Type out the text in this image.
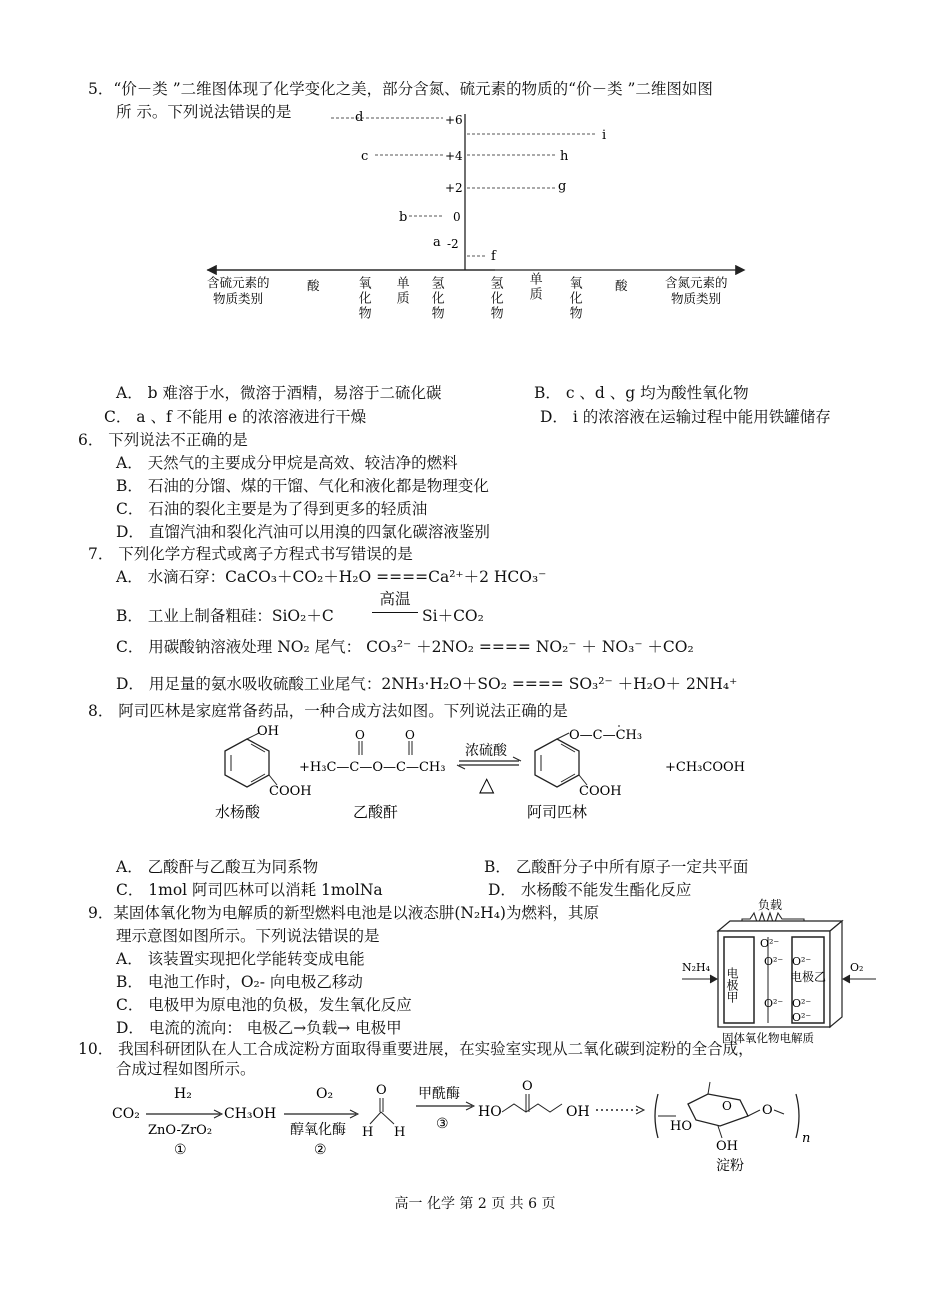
5．“价－类 ”二维图体现了化学变化之美，部分含氮、硫元素的物质的“价－类 ”二维图如图
所 示。下列说法错误的是	+6
+4
+2
0
-2
d
c
b
a
i
h
g
f
含硫元素的
物质类别
含氮元素的
物质类别
酸	酸
氧化物 单质 氢化物	氢化物 单质 氧化物
A． b 难溶于水，微溶于酒精，易溶于二硫化碳	B． c 、d 、g 均为酸性氧化物
C． a 、f 不能用 e 的浓溶液进行干燥	D． i 的浓溶液在运输过程中能用铁罐储存
6． 下列说法不正确的是
A． 天然气的主要成分甲烷是高效、较洁净的燃料
B． 石油的分馏、煤的干馏、气化和液化都是物理变化
C． 石油的裂化主要是为了得到更多的轻质油
D． 直馏汽油和裂化汽油可以用溴的四氯化碳溶液鉴别
7． 下列化学方程式或离子方程式书写错误的是
A． 水滴石穿：CaCO₃＋CO₂＋H₂O ====Ca²⁺＋2 HCO₃⁻
B． 工业上制备粗硅：SiO₂＋C
高温
Si＋CO₂
C． 用碳酸钠溶液处理 NO₂ 尾气： CO₃²⁻ ＋2NO₂ ==== NO₂⁻ ＋ NO₃⁻ ＋CO₂
D． 用足量的氨水吸收硫酸工业尾气：2NH₃·H₂O＋SO₂ ==== SO₃²⁻ ＋H₂O＋ 2NH₄⁺
8． 阿司匹林是家庭常备药品，一种合成方法如图。下列说法正确的是
OH
COOH
水杨酸
+H₃C—C—O—C—CH₃
O	O
乙酸酐
浓硫酸
△
O—C—CH₃
COOH
阿司匹林
+CH₃COOH
A． 乙酸酐与乙酸互为同系物	B． 乙酸酐分子中所有原子一定共平面
C． 1mol 阿司匹林可以消耗 1molNa	D． 水杨酸不能发生酯化反应
9．某固体氧化物为电解质的新型燃料电池是以液态肼(N₂H₄)为燃料，其原
理示意图如图所示。下列说法错误的是
A． 该装置实现把化学能转变成电能
B． 电池工作时，O₂- 向电极乙移动
C． 电极甲为原电池的负极，发生氧化反应
D． 电流的流向： 电极乙→负载→ 电极甲
负载
电极甲	电极乙
O²⁻
O²⁻ O²⁻
O²⁻ O²⁻
O²⁻
N₂H₄	O₂
固体氧化物电解质
10． 我国科研团队在人工合成淀粉方面取得重要进展，在实验室实现从二氧化碳到淀粉的全合成，
合成过程如图所示。
CO₂
H₂
ZnO-ZrO₂
①
CH₃OH
O₂
醇氧化酶
②
O
H H
甲酰酶
③
HO
O
OH
HO
O
OH
O
n
淀粉
高一 化学 第 2 页 共 6 页
